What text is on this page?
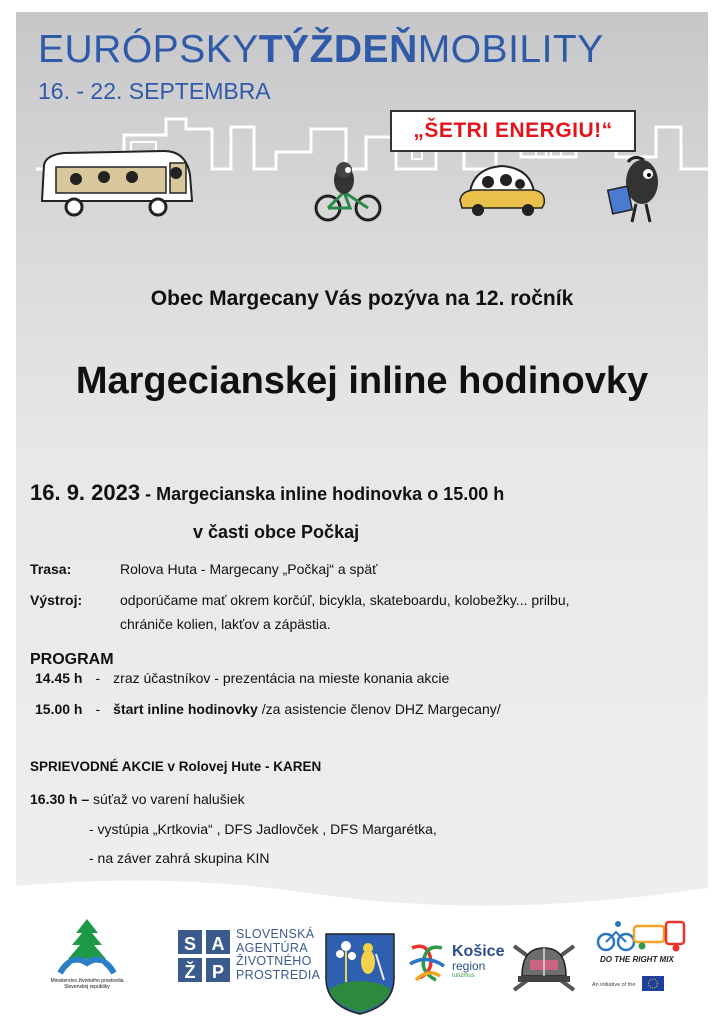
EURÓPSKYTÝŽDEŇMOBILITY
16. - 22. SEPTEMBRA
„ŠETRI ENERGIU!“
Obec Margecany Vás pozýva na 12. ročník
Margecianskej inline hodinovky
16. 9. 2023 - Margecianska inline hodinovka o 15.00 h
v časti obce Počkaj
Trasa:	Rolova Huta - Margecany „Počkaj“ a späť
Výstroj:	odporúčame mať okrem korčúľ, bicykla, skateboardu, kolobežky... prilbu,
chrániče kolien, lakťov a zápästia.
PROGRAM
14.45 h - zraz účastníkov - prezentácia na mieste konania akcie
15.00 h - štart inline hodinovky /za asistencie členov DHZ Margecany/
SPRIEVODNÉ AKCIE v Rolovej Hute - KAREN
16.30 h – súťaž vo varení halušiek
- vystúpia „Krtkovia“ , DFS Jadlovček , DFS Margarétka,
- na záver zahrá skupina KIN
Ministerstvo životného prostredia
Slovenskej republiky
S A
Ž P
SLOVENSKÁ
AGENTÚRA
ŽIVOTNÉHO
PROSTREDIA
Košice
region
turizmus
DO THE RIGHT MIX
An initiative of the
